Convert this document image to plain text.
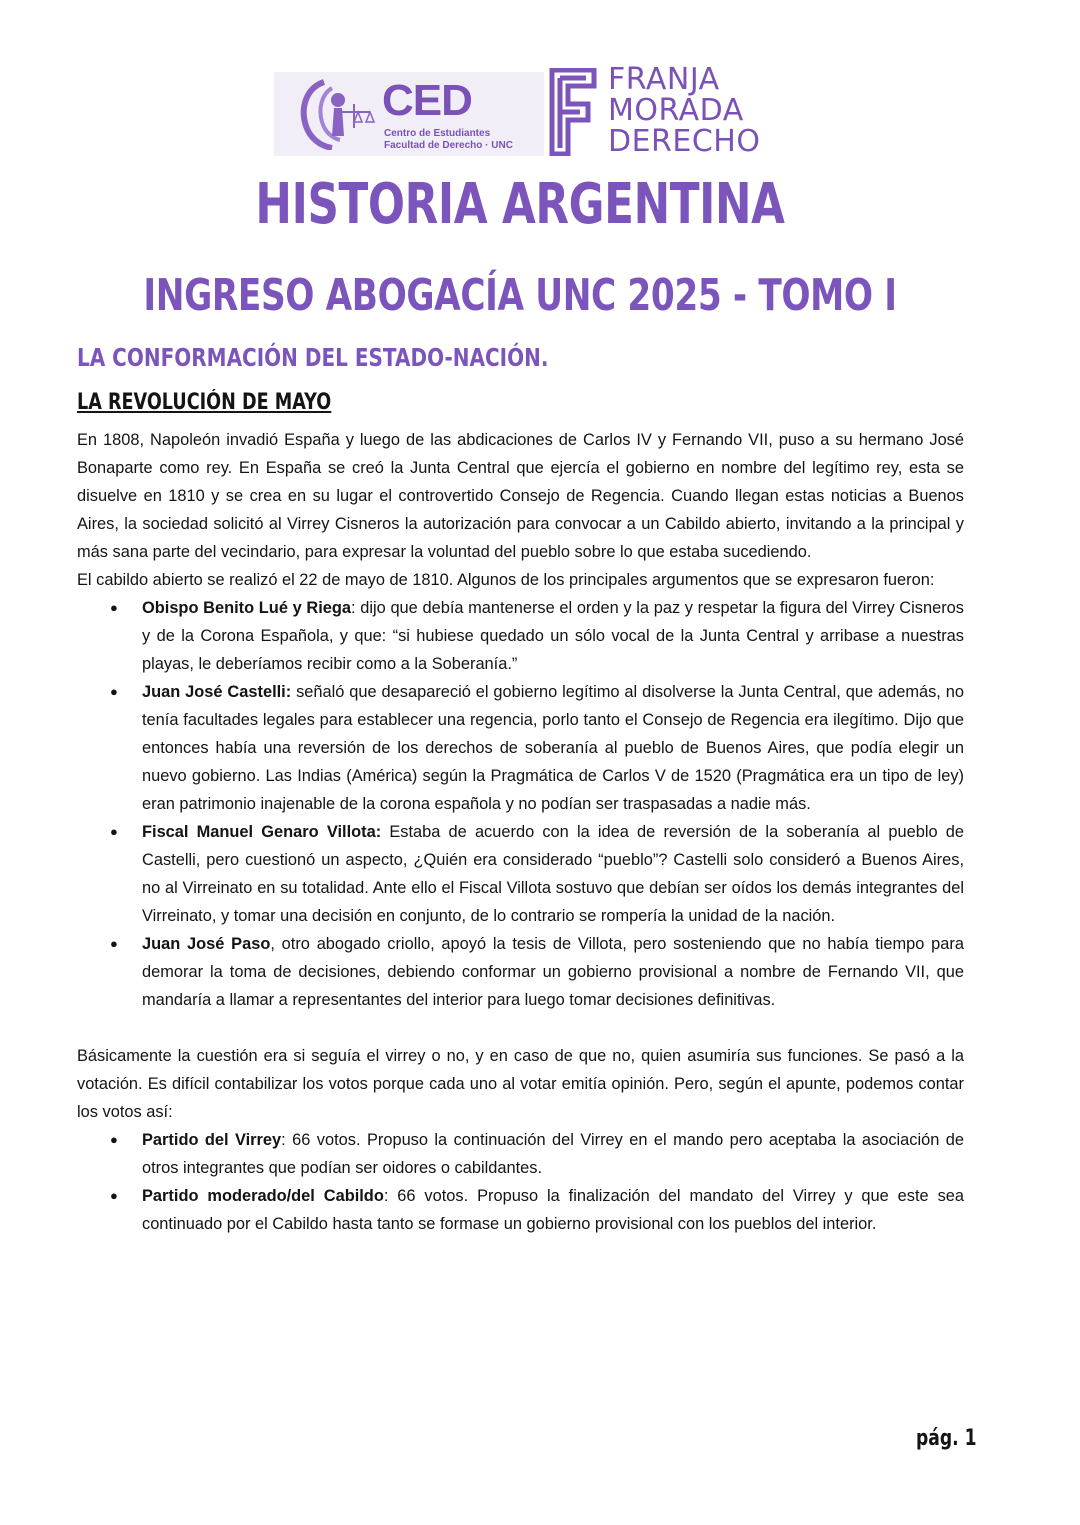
CED
Centro de Estudiantes
Facultad de Derecho · UNC
FRANJA
MORADA
DERECHO
HISTORIA ARGENTINA
INGRESO ABOGACÍA UNC 2025 - TOMO I
LA CONFORMACIÓN DEL ESTADO-NACIÓN.
LA REVOLUCIÓN DE MAYO

En 1808, Napoleón invadió España y luego de las abdicaciones de Carlos IV y Fernando VII, puso a su hermano José Bonaparte como rey. En España se creó la Junta Central que ejercía el gobierno en nombre del legítimo rey, esta se disuelve en 1810 y se crea en su lugar el controvertido Consejo de Regencia. Cuando llegan estas noticias a Buenos Aires, la sociedad solicitó al Virrey Cisneros la autorización para convocar a un Cabildo abierto, invitando a la principal y más sana parte del vecindario, para expresar la voluntad del pueblo sobre lo que estaba sucediendo.

El cabildo abierto se realizó el 22 de mayo de 1810. Algunos de los principales argumentos que se expresaron fueron:

● Obispo Benito Lué y Riega: dijo que debía mantenerse el orden y la paz y respetar la figura del Virrey Cisneros y de la Corona Española, y que: “si hubiese quedado un sólo vocal de la Junta Central y arribase a nuestras playas, le deberíamos recibir como a la Soberanía.”
● Juan José Castelli: señaló que desapareció el gobierno legítimo al disolverse la Junta Central, que además, no tenía facultades legales para establecer una regencia, porlo tanto el Consejo de Regencia era ilegítimo. Dijo que entonces había una reversión de los derechos de soberanía al pueblo de Buenos Aires, que podía elegir un nuevo gobierno. Las Indias (América) según la Pragmática de Carlos V de 1520 (Pragmática era un tipo de ley) eran patrimonio inajenable de la corona española y no podían ser traspasadas a nadie más.
● Fiscal Manuel Genaro Villota: Estaba de acuerdo con la idea de reversión de la soberanía al pueblo de Castelli, pero cuestionó un aspecto, ¿Quién era considerado “pueblo”? Castelli solo consideró a Buenos Aires, no al Virreinato en su totalidad. Ante ello el Fiscal Villota sostuvo que debían ser oídos los demás integrantes del Virreinato, y tomar una decisión en conjunto, de lo contrario se rompería la unidad de la nación.
● Juan José Paso, otro abogado criollo, apoyó la tesis de Villota, pero sosteniendo que no había tiempo para demorar la toma de decisiones, debiendo conformar un gobierno provisional a nombre de Fernando VII, que mandaría a llamar a representantes del interior para luego tomar decisiones definitivas.

Básicamente la cuestión era si seguía el virrey o no, y en caso de que no, quien asumiría sus funciones. Se pasó a la votación. Es difícil contabilizar los votos porque cada uno al votar emitía opinión. Pero, según el apunte, podemos contar los votos así:

● Partido del Virrey: 66 votos. Propuso la continuación del Virrey en el mando pero aceptaba la asociación de otros integrantes que podían ser oidores o cabildantes.
● Partido moderado/del Cabildo: 66 votos. Propuso la finalización del mandato del Virrey y que este sea continuado por el Cabildo hasta tanto se formase un gobierno provisional con los pueblos del interior.
pág. 1
